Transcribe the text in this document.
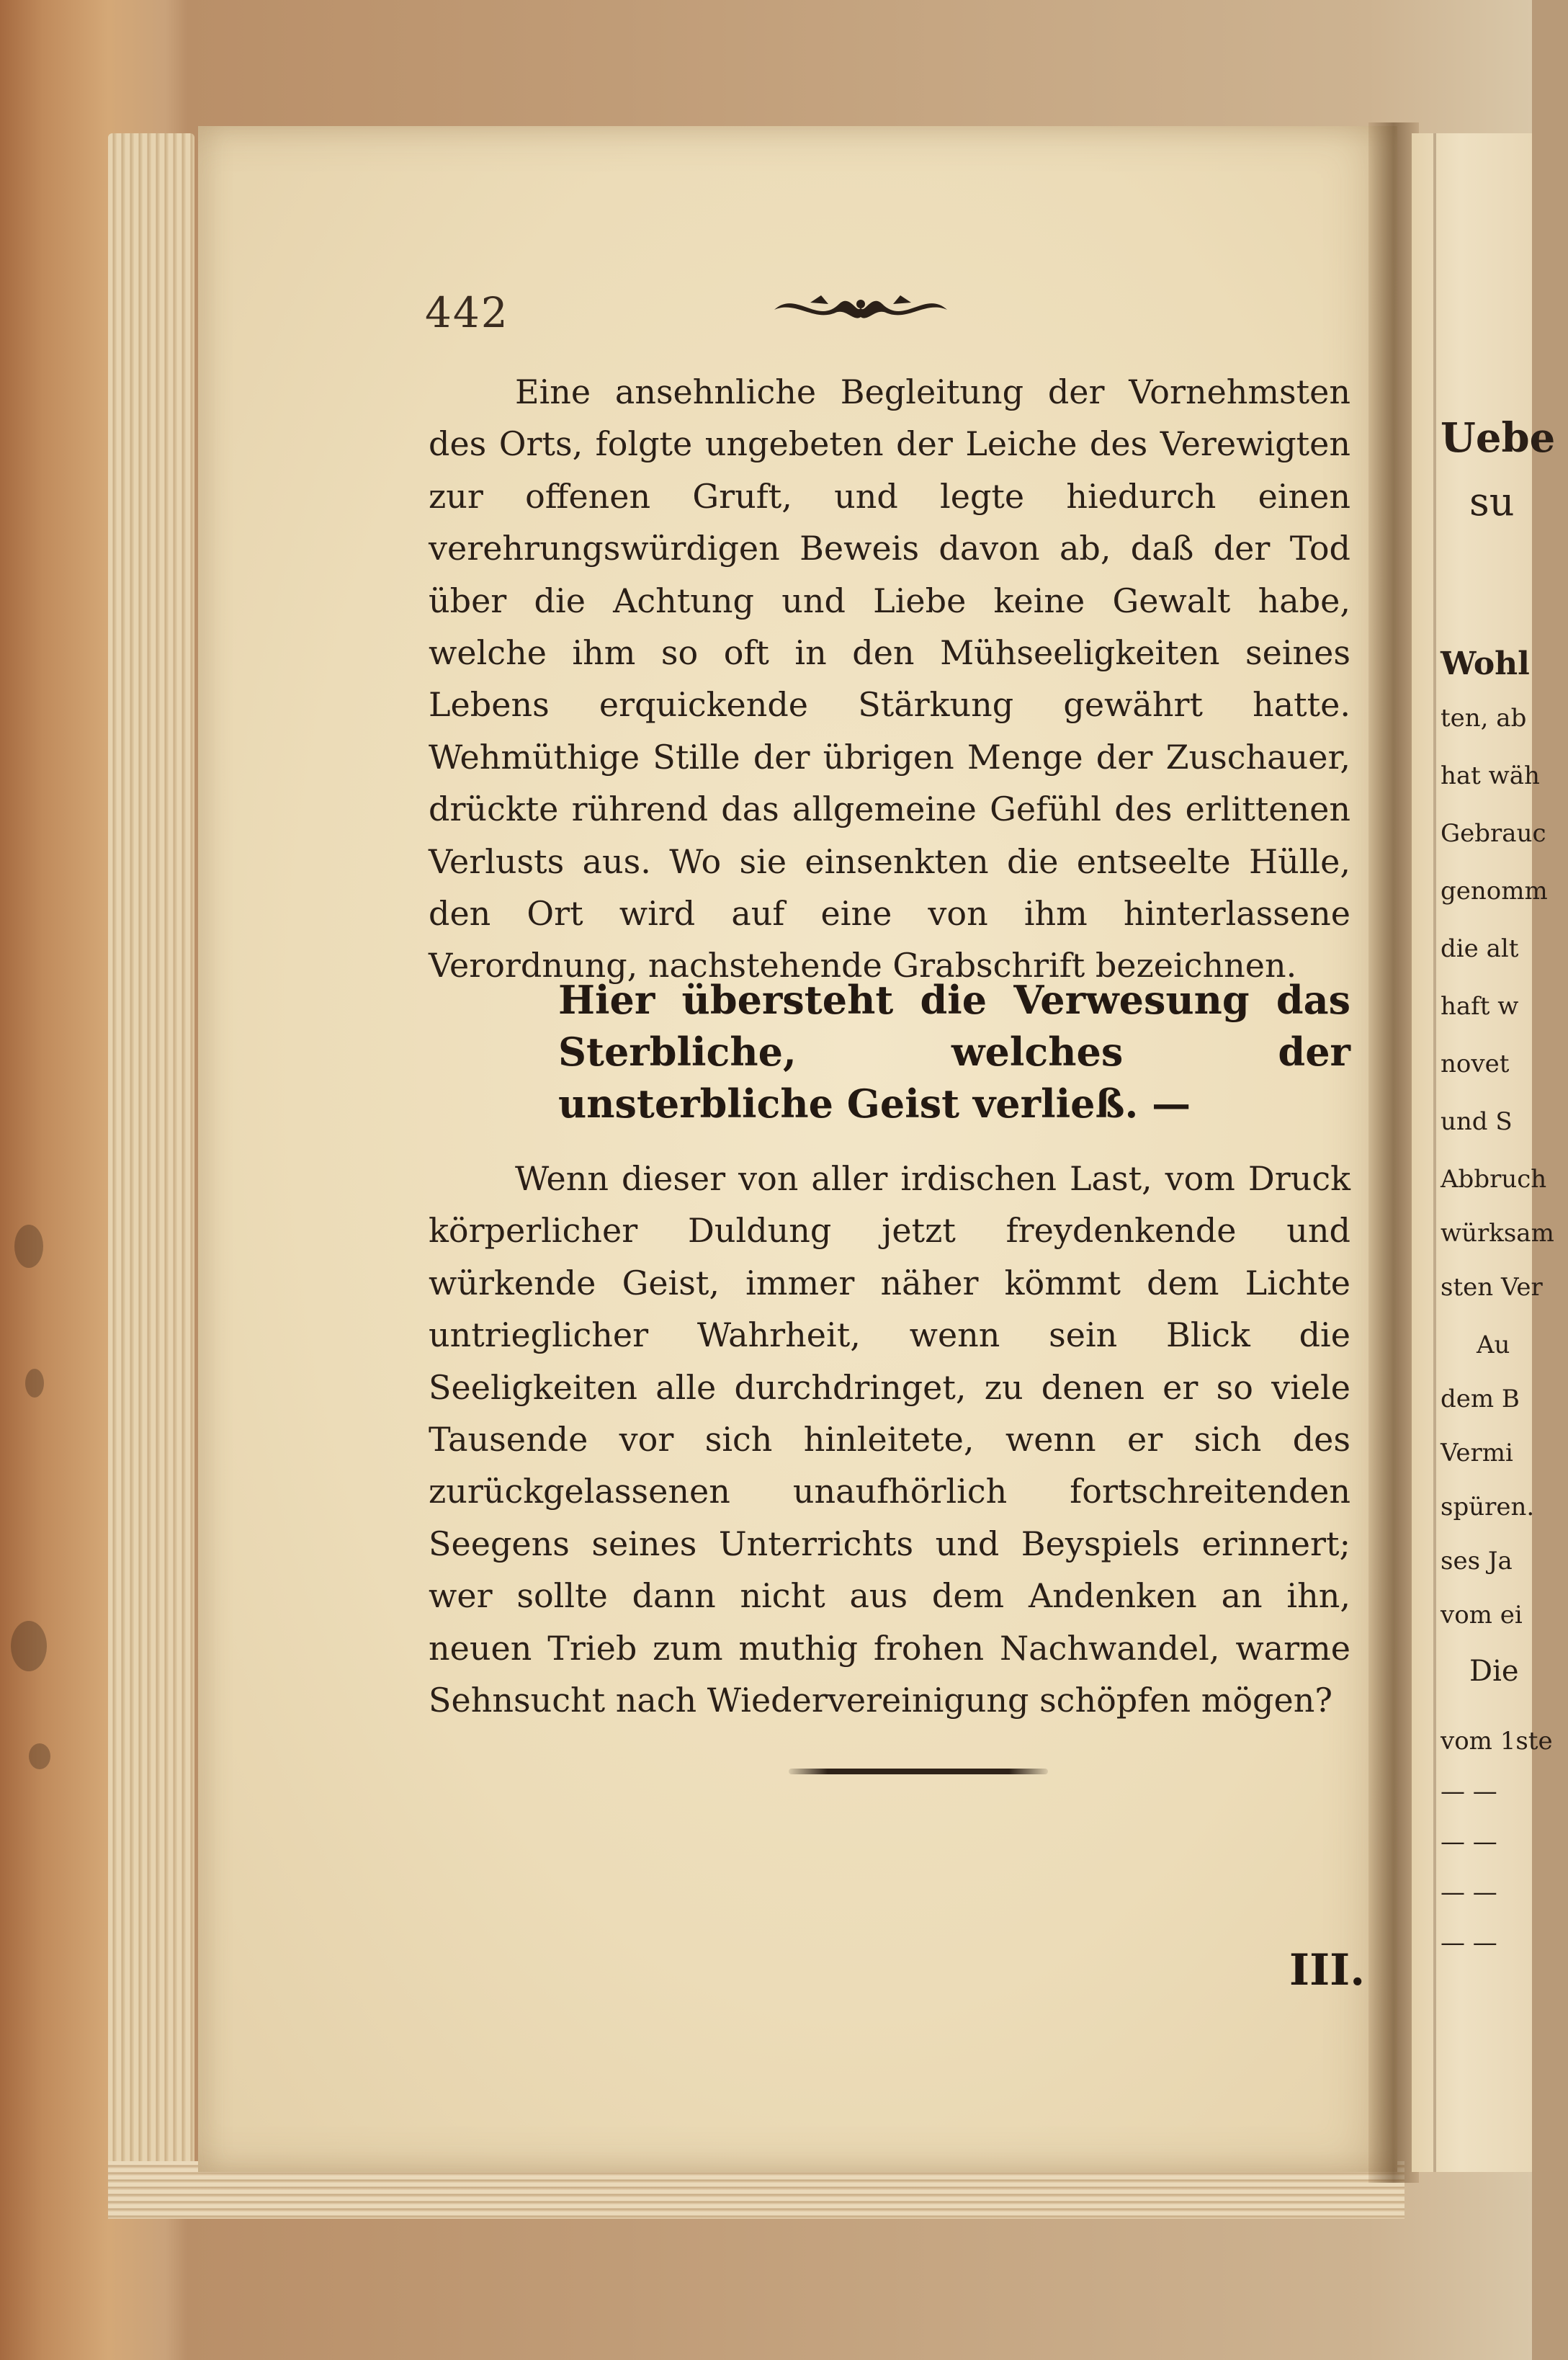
442
Eine ansehnliche Begleitung der Vornehmsten des Orts, folgte ungebeten der Leiche des Verewigten zur offenen Gruft, und legte hiedurch einen verehrungswürdigen Beweis davon ab, daß der Tod über die Achtung und Liebe keine Gewalt habe, welche ihm so oft in den Mühseeligkeiten seines Lebens erquickende Stärkung gewährt hatte. Wehmüthige Stille der übrigen Menge der Zuschauer, drückte rührend das allgemeine Gefühl des erlittenen Verlusts aus. Wo sie einsenkten die entseelte Hülle, den Ort wird auf eine von ihm hinterlassene Verordnung, nachstehende Grabschrift bezeichnen.
Hier übersteht die Verwesung das Sterbliche, welches der unsterbliche Geist verließ. —
Wenn dieser von aller irdischen Last, vom Druck körperlicher Duldung jetzt freydenkende und würkende Geist, immer näher kömmt dem Lichte untrieglicher Wahrheit, wenn sein Blick die Seeligkeiten alle durchdringet, zu denen er so viele Tausende vor sich hinleitete, wenn er sich des zurückgelassenen unaufhörlich fortschreitenden Seegens seines Unterrichts und Beyspiels erinnert; wer sollte dann nicht aus dem Andenken an ihn, neuen Trieb zum muthig frohen Nachwandel, warme Sehnsucht nach Wiedervereinigung schöpfen mögen?
III.
Uebe
su
Wohl
ten, ab
hat wäh
Gebrauc
genomm
die alt
haft w
novet
und S
Abbruch
würksam
sten Ver
Au
dem B
Vermi
spüren.
ses Ja
vom ei
Die
vom 1ste
— —
— —
— —
— —
